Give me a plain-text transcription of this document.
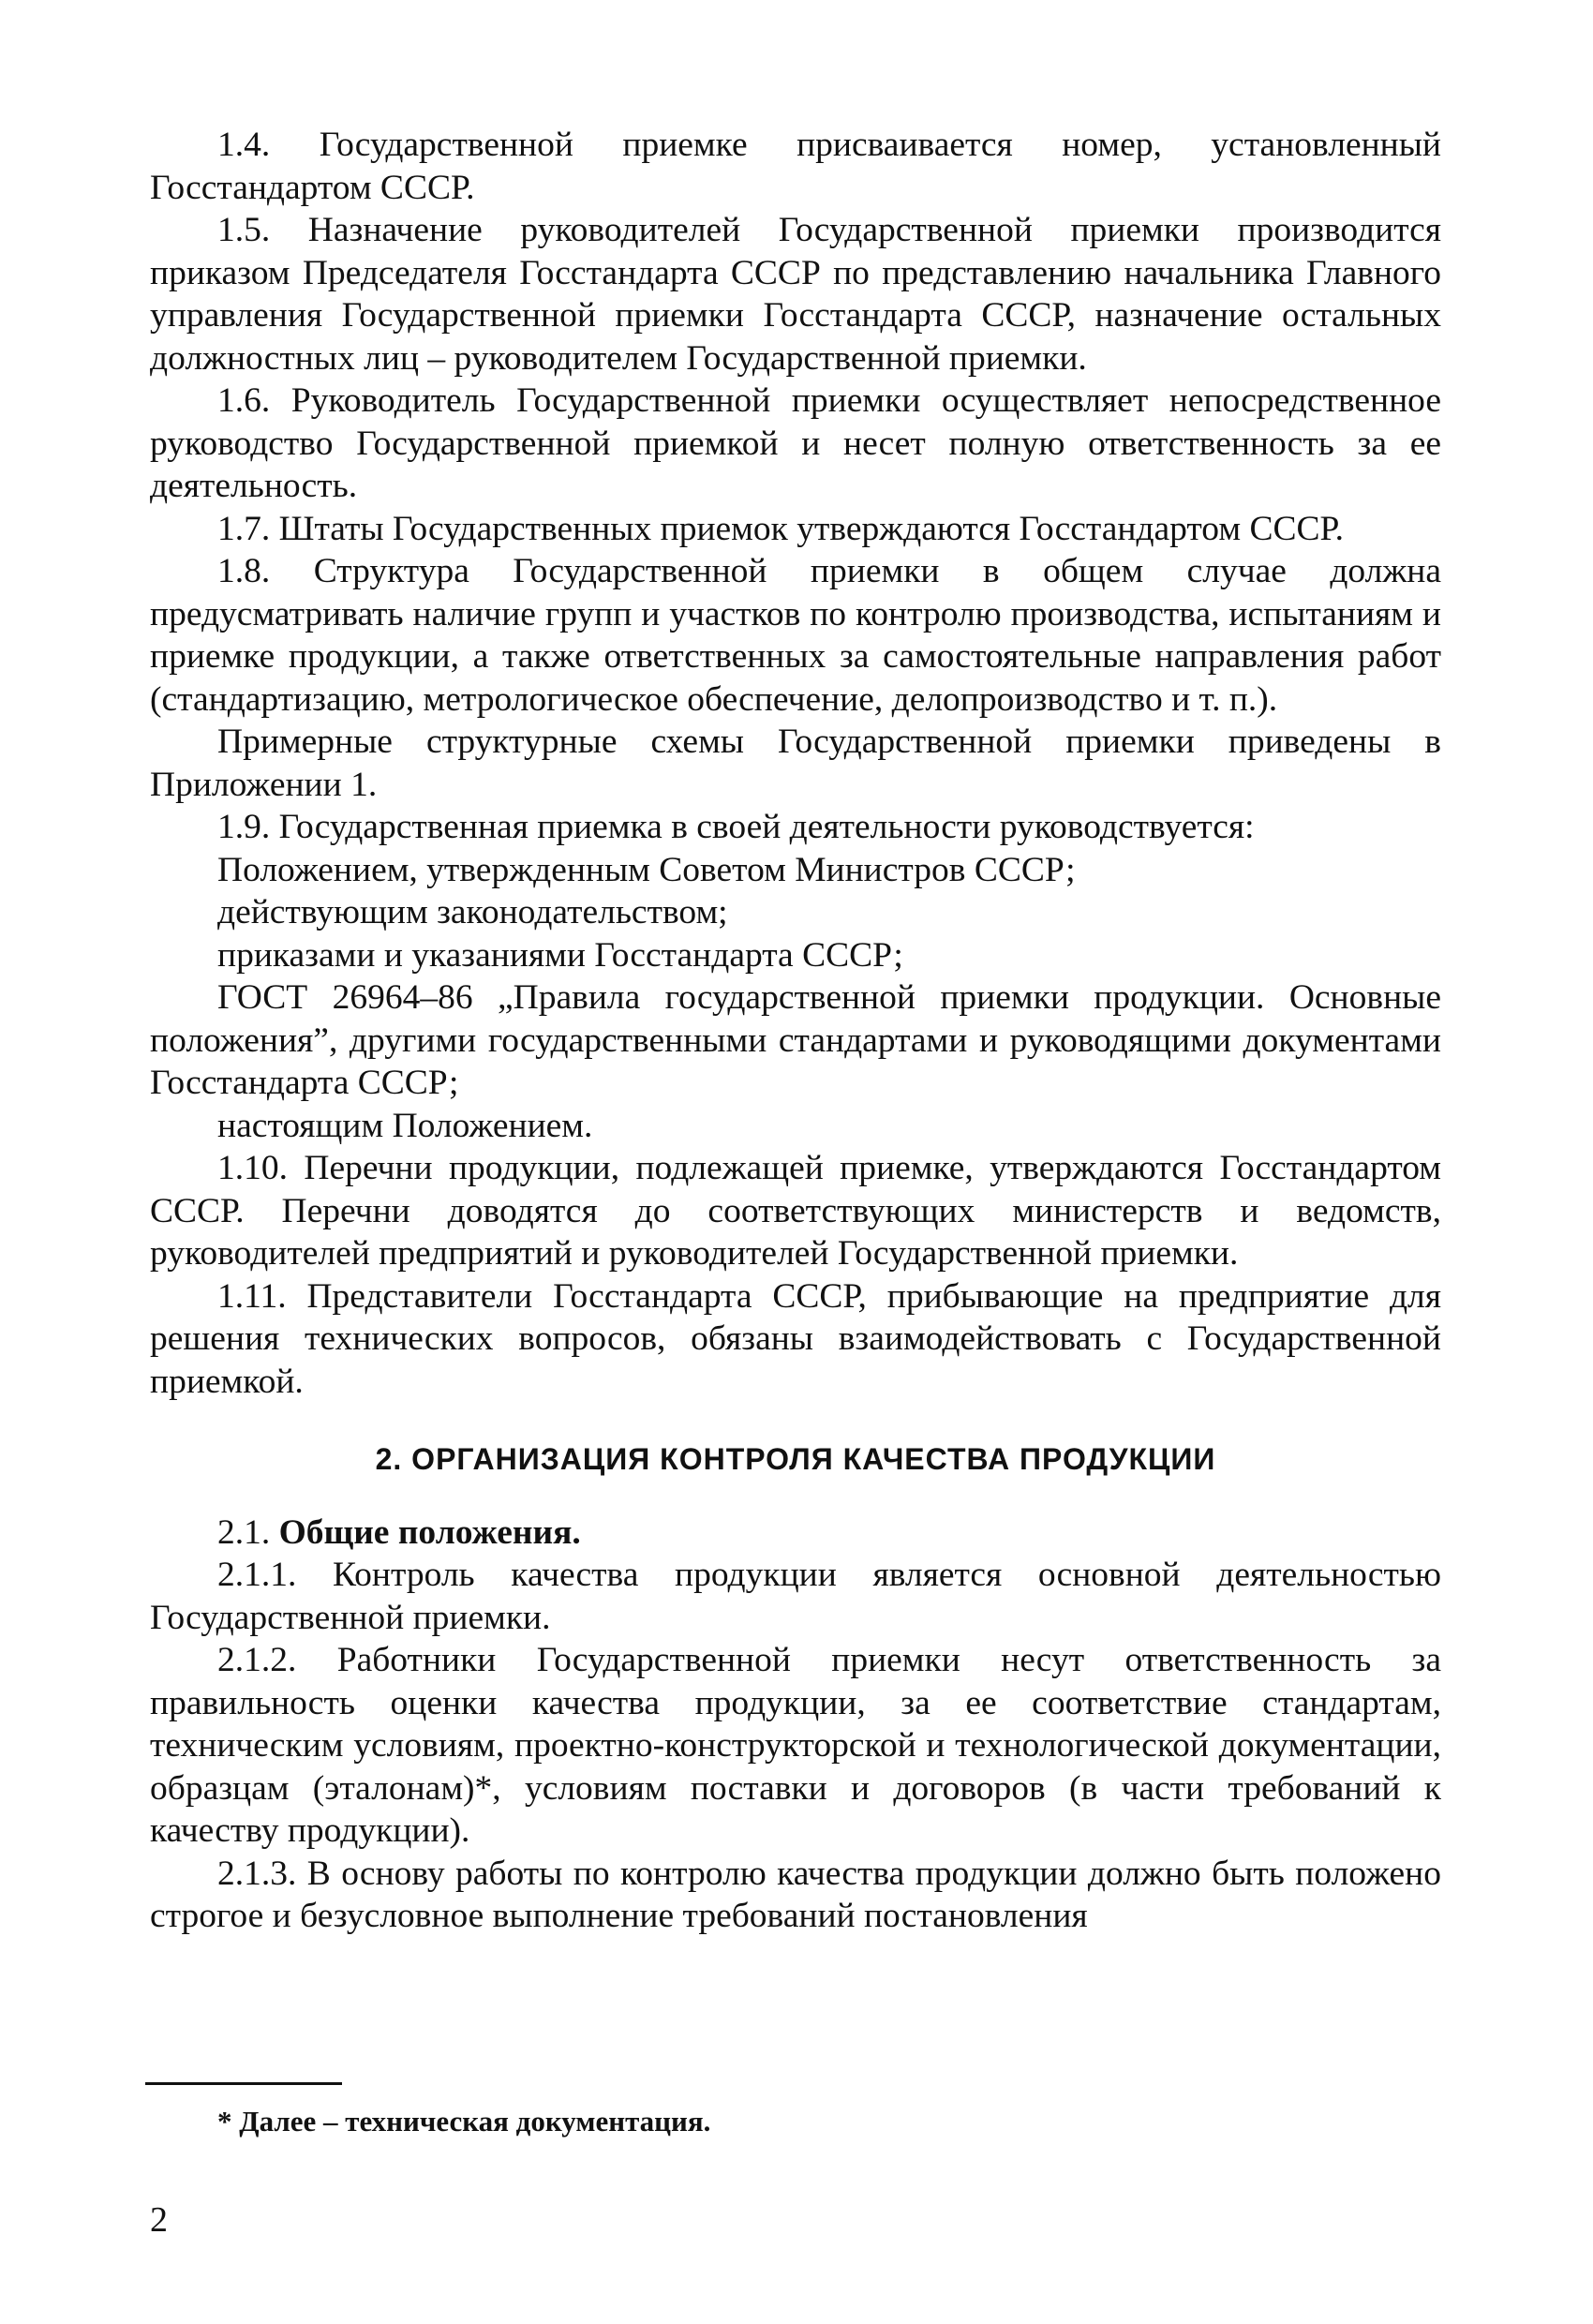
1.4. Государственной приемке присваивается номер, установленный Госстандартом СССР.

1.5. Назначение руководителей Государственной приемки производится приказом Председателя Госстандарта СССР по представлению начальника Главного управления Государственной приемки Госстандарта СССР, назначение остальных должностных лиц – руководителем Государственной приемки.

1.6. Руководитель Государственной приемки осуществляет непосредственное руководство Государственной приемкой и несет полную ответственность за ее деятельность.

1.7. Штаты Государственных приемок утверждаются Госстандартом СССР.

1.8. Структура Государственной приемки в общем случае должна предусматривать наличие групп и участков по контролю производства, испытаниям и приемке продукции, а также ответственных за самостоятельные направления работ (стандартизацию, метрологическое обеспечение, делопроизводство и т. п.).

Примерные структурные схемы Государственной приемки приведены в Приложении 1.

1.9. Государственная приемка в своей деятельности руководствуется:

Положением, утвержденным Советом Министров СССР;

действующим законодательством;

приказами и указаниями Госстандарта СССР;

ГОСТ 26964–86 „Правила государственной приемки продукции. Основные положения”, другими государственными стандартами и руководящими документами Госстандарта СССР;

настоящим Положением.

1.10. Перечни продукции, подлежащей приемке, утверждаются Госстандартом СССР. Перечни доводятся до соответствующих министерств и ведомств, руководителей предприятий и руководителей Государственной приемки.

1.11. Представители Госстандарта СССР, прибывающие на предприятие для решения технических вопросов, обязаны взаимодействовать с Государственной приемкой.

2. ОРГАНИЗАЦИЯ КОНТРОЛЯ КАЧЕСТВА ПРОДУКЦИИ

2.1. Общие положения.

2.1.1. Контроль качества продукции является основной деятельностью Государственной приемки.

2.1.2. Работники Государственной приемки несут ответственность за правильность оценки качества продукции, за ее соответствие стандартам, техническим условиям, проектно-конструкторской и технологической документации, образцам (эталонам)*, условиям поставки и договоров (в части требований к качеству продукции).

2.1.3. В основу работы по контролю качества продукции должно быть положено строгое и безусловное выполнение требований постановления

* Далее – техническая документация.
2
